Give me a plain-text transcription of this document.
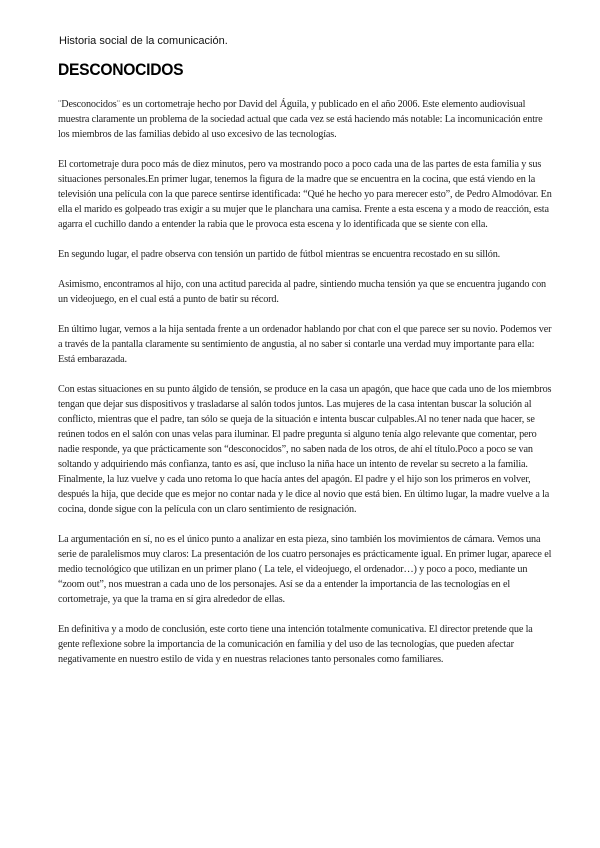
Historia social de la comunicación.
DESCONOCIDOS

¨Desconocidos¨ es un cortometraje hecho por David del Águila, y publicado en el año 2006. Este elemento audiovisual muestra claramente un problema de la sociedad actual que cada vez se está haciendo más notable: La incomunicación entre los miembros de las familias debido al uso excesivo de las tecnologías.

El cortometraje dura poco más de diez minutos, pero va mostrando poco a poco cada una de las partes de esta familia y sus situaciones personales.En primer lugar, tenemos la figura de la madre que se encuentra en la cocina, que está viendo en la televisión una película con la que parece sentirse identificada: “Qué he hecho yo para merecer esto”, de Pedro Almodóvar. En ella el marido es golpeado tras exigir a su mujer que le planchara una camisa. Frente a esta escena y a modo de reacción, esta agarra el cuchillo dando a entender la rabia que le provoca esta escena y lo identificada que se siente con ella.

En segundo lugar, el padre observa con tensión un partido de fútbol mientras se encuentra recostado en su sillón.

Asimismo, encontramos al hijo, con una actitud parecida al padre, sintiendo mucha tensión ya que se encuentra jugando con un videojuego, en el cual está a punto de batir su récord.

En último lugar, vemos a la hija sentada frente a un ordenador hablando por chat con el que parece ser su novio. Podemos ver a través de la pantalla claramente su sentimiento de angustia, al no saber si contarle una verdad muy importante para ella: Está embarazada.

Con estas situaciones en su punto álgido de tensión, se produce en la casa un apagón, que hace que cada uno de los miembros tengan que dejar sus dispositivos y trasladarse al salón todos juntos. Las mujeres de la casa intentan buscar la solución al conflicto, mientras que el padre, tan sólo se queja de la situación e intenta buscar culpables.Al no tener nada que hacer, se reúnen todos en el salón con unas velas para iluminar. El padre pregunta si alguno tenía algo relevante que comentar, pero nadie responde, ya que prácticamente son “desconocidos”, no saben nada de los otros, de ahí el título.Poco a poco se van soltando y adquiriendo más confianza, tanto es así, que incluso la niña hace un intento de revelar su secreto a la familia. Finalmente, la luz vuelve y cada uno retoma lo que hacía antes del apagón. El padre y el hijo son los primeros en volver, después la hija, que decide que es mejor no contar nada y le dice al novio que está bien. En último lugar, la madre vuelve a la cocina, donde sigue con la película con un claro sentimiento de resignación.

La argumentación en sí, no es el único punto a analizar en esta pieza, sino también los movimientos de cámara. Vemos una serie de paralelismos muy claros: La presentación de los cuatro personajes es prácticamente igual. En primer lugar, aparece el medio tecnológico que utilizan en un primer plano ( La tele, el videojuego, el ordenador…) y poco a poco, mediante un “zoom out”, nos muestran a cada uno de los personajes. Así se da a entender la importancia de las tecnologías en el cortometraje, ya que la trama en sí gira alrededor de ellas.

En definitiva y a modo de conclusión, este corto tiene una intención totalmente comunicativa. El director pretende que la gente reflexione sobre la importancia de la comunicación en familia y del uso de las tecnologías, que pueden afectar negativamente en nuestro estilo de vida y en nuestras relaciones tanto personales como familiares.
